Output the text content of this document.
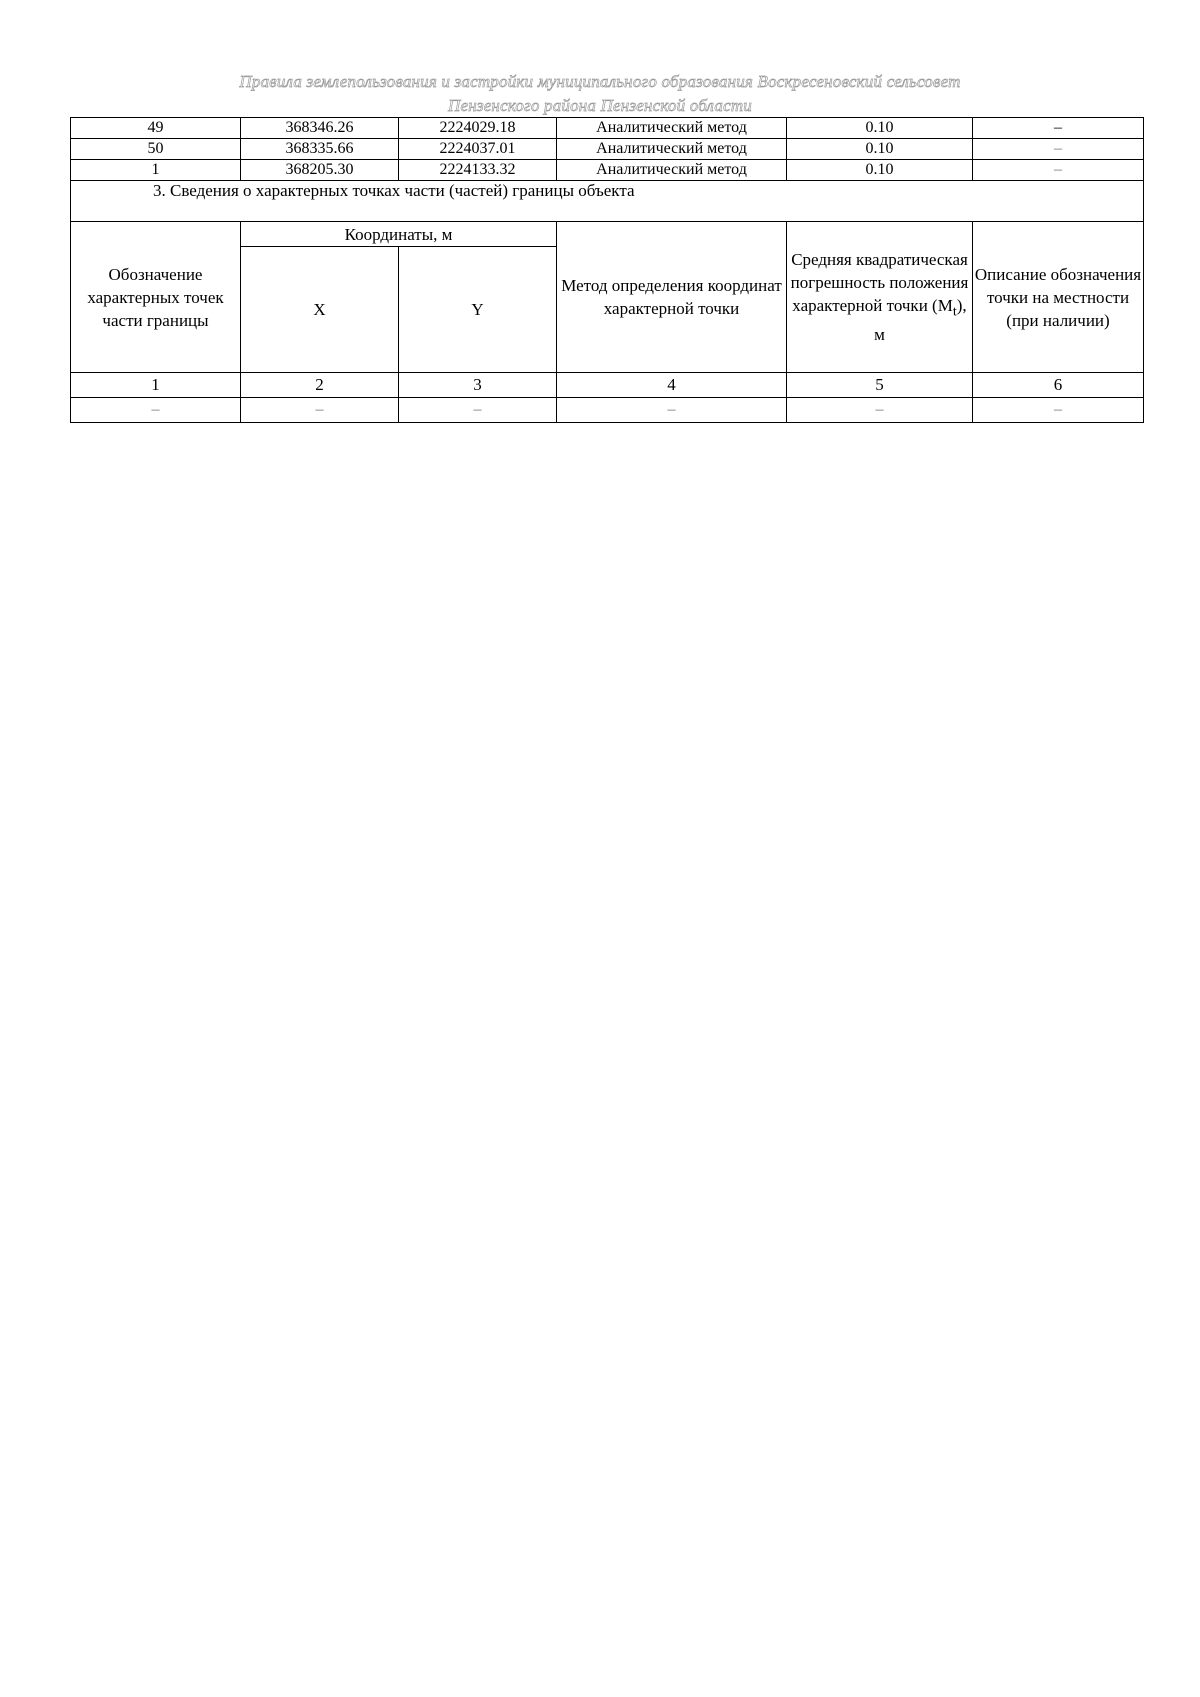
Правила землепользования и застройки муниципального образования Воскресеновский сельсовет
Пензенского района Пензенской области
49	368346.26	2224029.18	Аналитический метод	0.10	–
50	368335.66	2224037.01	Аналитический метод	0.10	–
1	368205.30	2224133.32	Аналитический метод	0.10	–
3. Сведения о характерных точках части (частей) границы объекта					
Обозначение характерных точек части границы	Координаты, м		Метод определения координат характерной точки	Средняя квадратическая погрешность положения характерной точки $(M_t)$, м	Описание обозначения точки на местности (при наличии)
	X	Y			
1	2	3	4	5	6
–	–	–	–	–	–
